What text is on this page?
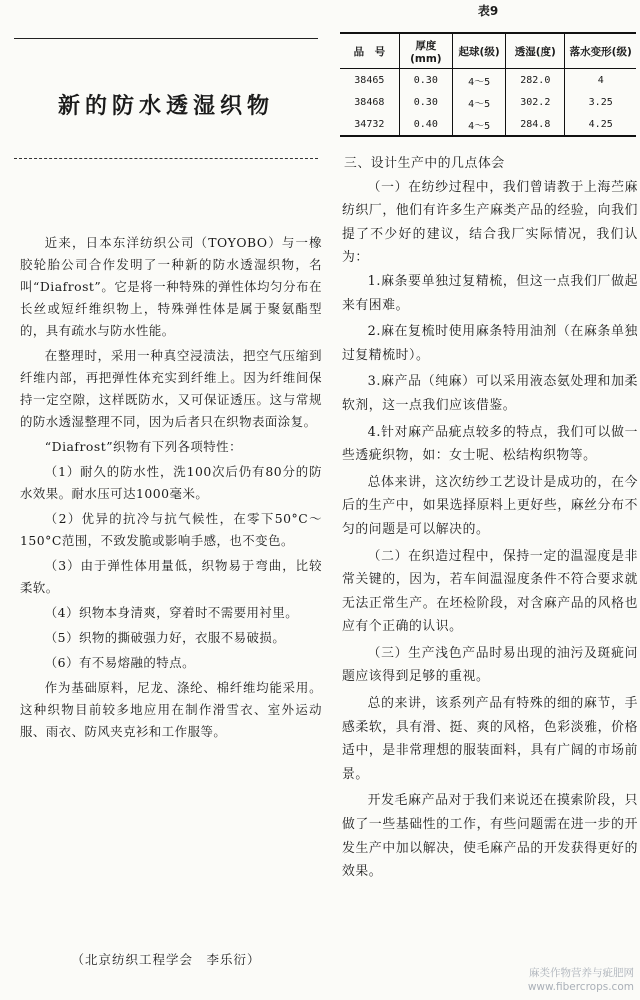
新的防水透湿织物

近来，日本东洋纺织公司（TOYOBO）与一橡胶轮胎公司合作发明了一种新的防水透湿织物，名叫“Diafrost”。它是将一种特殊的弹性体均匀分布在长丝或短纤维织物上，特殊弹性体是属于聚氨酯型的，具有疏水与防水性能。

在整理时，采用一种真空浸渍法，把空气压缩到纤维内部，再把弹性体充实到纤维上。因为纤维间保持一定空隙，这样既防水，又可保证透压。这与常规的防水透湿整理不同，因为后者只在织物表面涂复。

“Diafrost”织物有下列各项特性：

（1）耐久的防水性，洗100次后仍有80分的防水效果。耐水压可达1000毫米。

（2）优异的抗冷与抗气候性，在零下50°C～150°C范围，不致发脆或影响手感，也不变色。

（3）由于弹性体用量低，织物易于弯曲，比较柔软。

（4）织物本身清爽，穿着时不需要用衬里。

（5）织物的撕破强力好，衣服不易破损。

（6）有不易熔融的特点。

作为基础原料，尼龙、涤纶、棉纤维均能采用。这种织物目前较多地应用在制作滑雪衣、室外运动服、雨衣、防风夹克衫和工作服等。

（北京纺织工程学会　李乐衍）
表9
品　号	厚度(mm)	起球(级)	透湿(度)	落水变形(级)
38465	0.30	4～5	282.0	4
38468	0.30	4～5	302.2	3.25
34732	0.40	4～5	284.8	4.25

三、设计生产中的几点体会

（一）在纺纱过程中，我们曾请教于上海苎麻纺织厂，他们有许多生产麻类产品的经验，向我们提了不少好的建议，结合我厂实际情况，我们认为：

1.麻条要单独过复精梳，但这一点我们厂做起来有困难。

2.麻在复梳时使用麻条特用油剂（在麻条单独过复精梳时）。

3.麻产品（纯麻）可以采用液态氨处理和加柔软剂，这一点我们应该借鉴。

4.针对麻产品疵点较多的特点，我们可以做一些透疵织物，如：女士呢、松结构织物等。

总体来讲，这次纺纱工艺设计是成功的，在今后的生产中，如果选择原料上更好些，麻丝分布不匀的问题是可以解决的。

（二）在织造过程中，保持一定的温湿度是非常关键的，因为，若车间温湿度条件不符合要求就无法正常生产。在坯检阶段，对含麻产品的风格也应有个正确的认识。

（三）生产浅色产品时易出现的油污及斑疵问题应该得到足够的重视。

总的来讲，该系列产品有特殊的细的麻节，手感柔软，具有滑、挺、爽的风格，色彩淡雅，价格适中，是非常理想的服装面料，具有广阔的市场前景。

开发毛麻产品对于我们来说还在摸索阶段，只做了一些基础性的工作，有些问题需在进一步的开发生产中加以解决，使毛麻产品的开发获得更好的效果。

麻类作物营养与疵肥网
www.fibercrops.com
